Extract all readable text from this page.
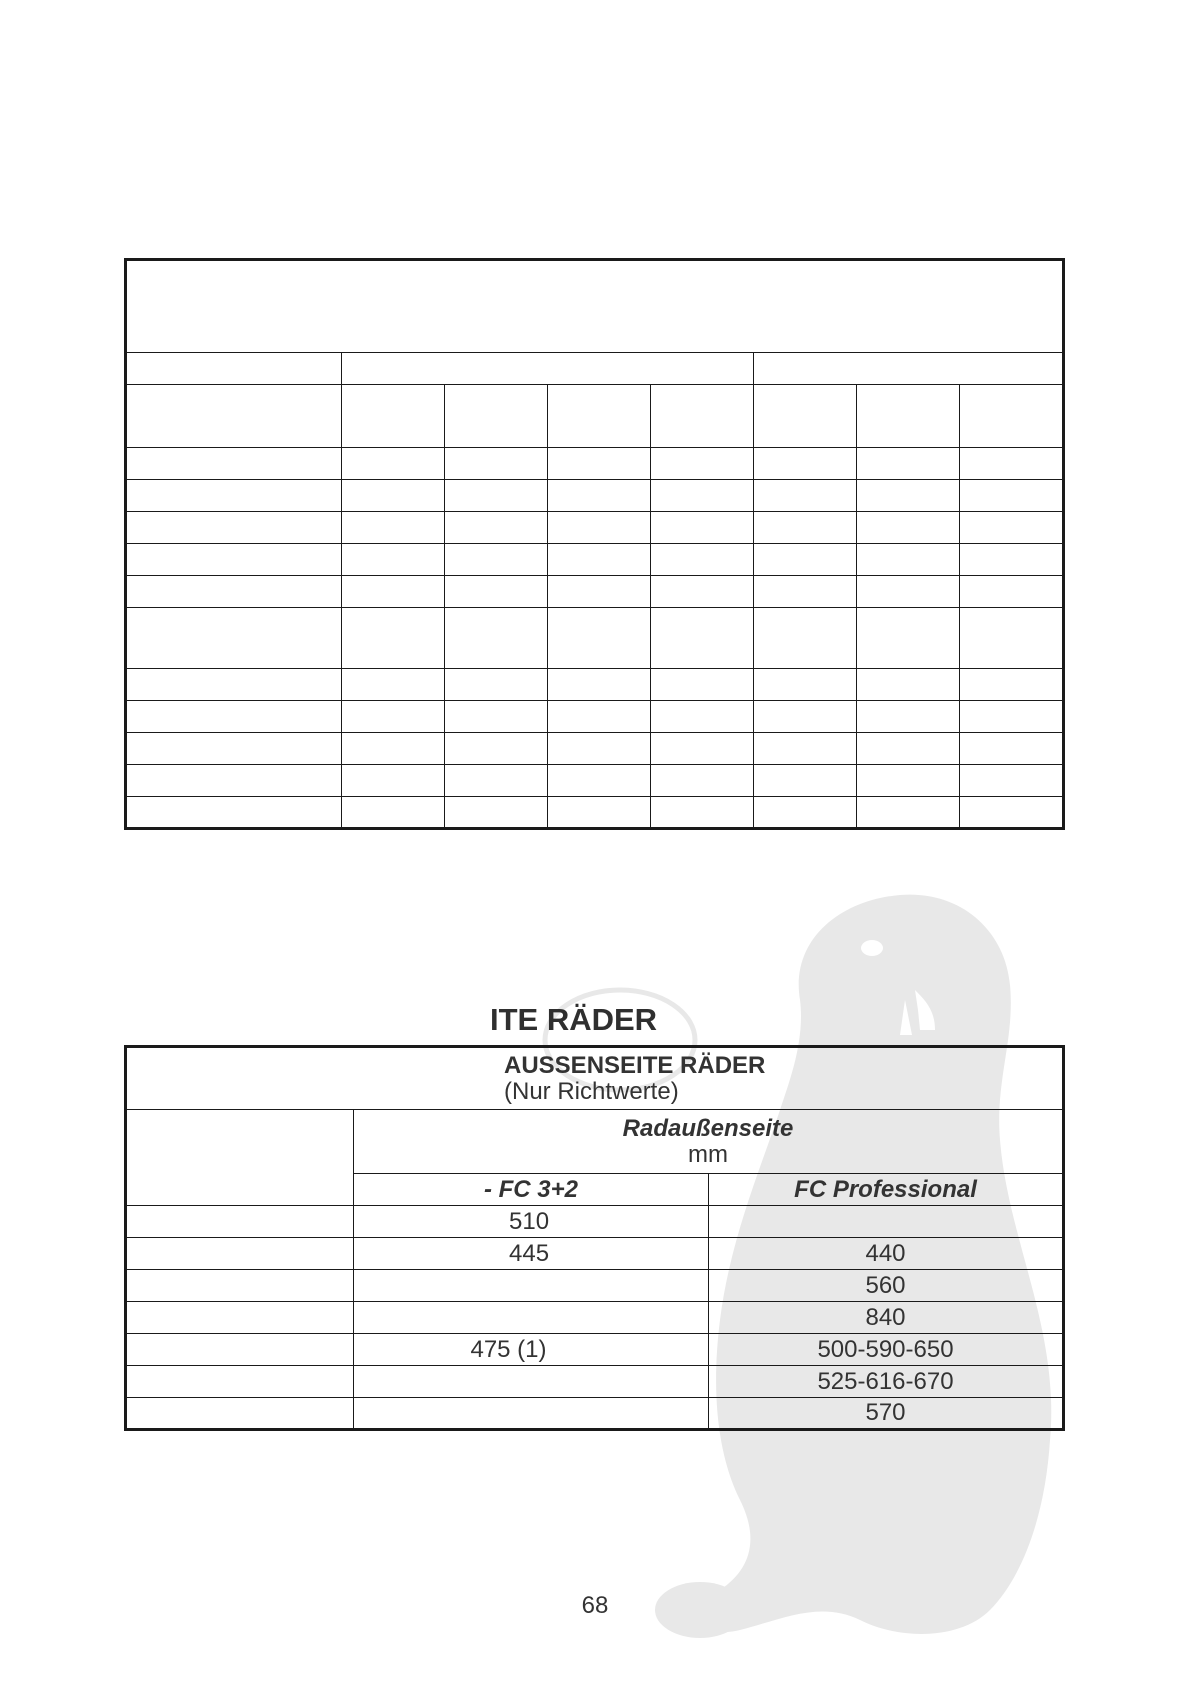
ITE RÄDER
AUSSENSEITE RÄDER
(Nur Richtwerte)		

	Radaußenseite
mm	

	- FC 3+2	FC Professional
	510	
	445	440
		560
		840
	475 (1)	500-590-650
		525-616-670
		570
68
